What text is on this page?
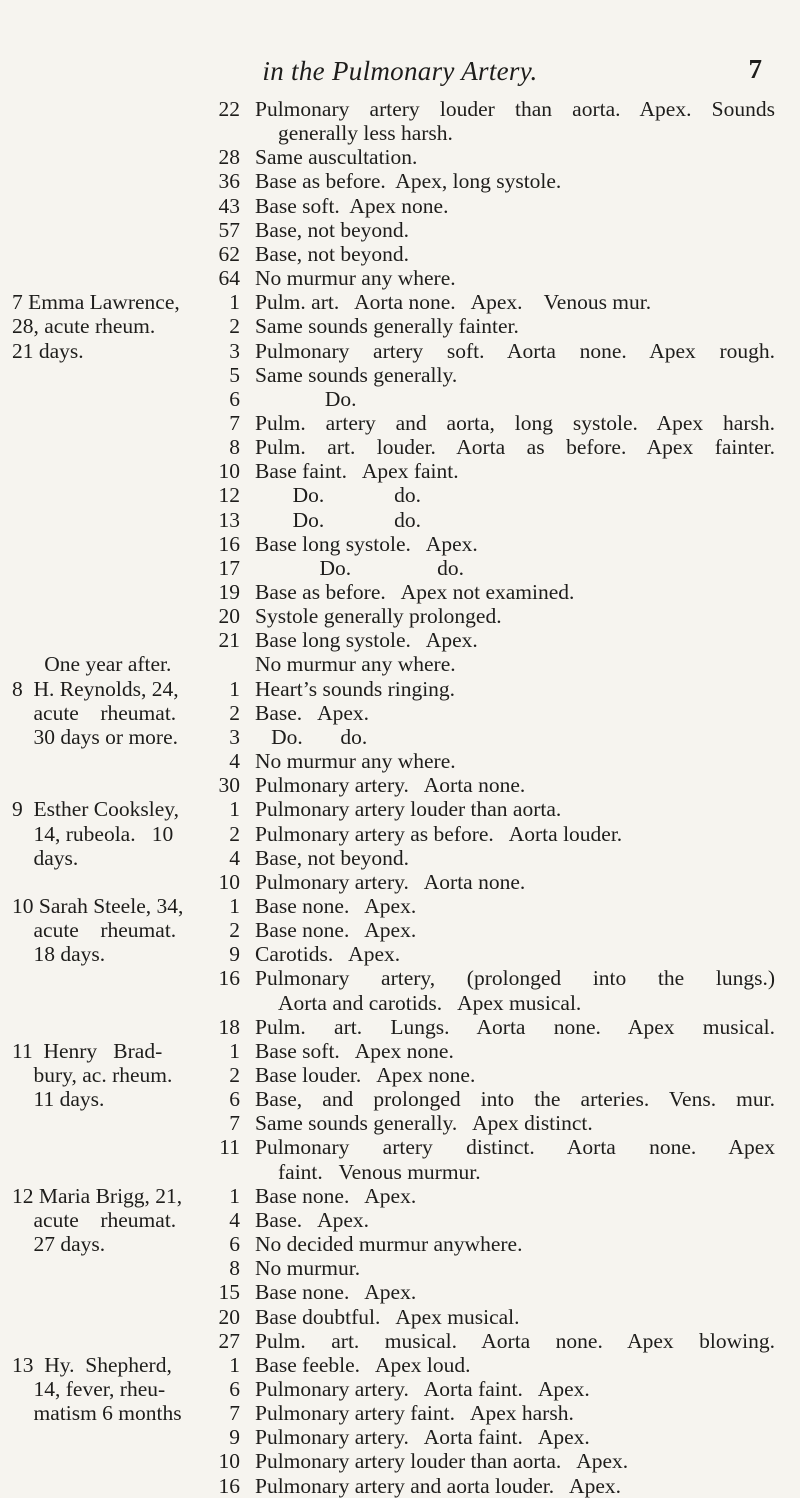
in the Pulmonary Artery.	7
22 Pulmonary artery louder than aorta. Apex. Sounds
generally less harsh.
28 Same auscultation.
36 Base as before.  Apex, long systole.
43 Base soft.  Apex none.
57 Base, not beyond.
62 Base, not beyond.
64 No murmur any where.
7 Emma Lawrence,	1 Pulm. art.   Aorta none.   Apex.    Venous mur.
28, acute rheum.	2 Same sounds generally fainter.
21 days.	3 Pulmonary artery soft. Aorta none. Apex rough.
5 Same sounds generally.
6 Do.
7 Pulm. artery and aorta, long systole. Apex harsh.
8 Pulm. art. louder. Aorta as before. Apex fainter.
10 Base faint.   Apex faint.
12 Do.             do.
13 Do.             do.
16 Base long systole.   Apex.
17 Do.                do.
19 Base as before.   Apex not examined.
20 Systole generally prolonged.
21 Base long systole.   Apex.
One year after.	No murmur any where.
8  H. Reynolds, 24,	1 Heart’s sounds ringing.
acute    rheumat.	2 Base.   Apex.
30 days or more.	3 Do.       do.
4 No murmur any where.
30 Pulmonary artery.   Aorta none.
9  Esther Cooksley,	1 Pulmonary artery louder than aorta.
14, rubeola.   10	2 Pulmonary artery as before.   Aorta louder.
days.	4 Base, not beyond.
10 Pulmonary artery.   Aorta none.
10 Sarah Steele, 34,	1 Base none.   Apex.
acute    rheumat.	2 Base none.   Apex.
18 days.	9 Carotids.   Apex.
16 Pulmonary artery, (prolonged into the lungs.)
Aorta and carotids.   Apex musical.
18 Pulm. art. Lungs. Aorta none. Apex musical.
11  Henry   Brad-	1 Base soft.   Apex none.
bury, ac. rheum.	2 Base louder.   Apex none.
11 days.	6 Base, and prolonged into the arteries. Vens. mur.
7 Same sounds generally.   Apex distinct.
11 Pulmonary artery distinct. Aorta none. Apex
faint.   Venous murmur.
12 Maria Brigg, 21,	1 Base none.   Apex.
acute    rheumat.	4 Base.   Apex.
27 days.	6 No decided murmur anywhere.
8 No murmur.
15 Base none.   Apex.
20 Base doubtful.   Apex musical.
27 Pulm. art. musical. Aorta none. Apex blowing.
13  Hy.  Shepherd,	1 Base feeble.   Apex loud.
14, fever, rheu-	6 Pulmonary artery.   Aorta faint.   Apex.
matism 6 months	7 Pulmonary artery faint.   Apex harsh.
9 Pulmonary artery.   Aorta faint.   Apex.
10 Pulmonary artery louder than aorta.   Apex.
16 Pulmonary artery and aorta louder.   Apex.
